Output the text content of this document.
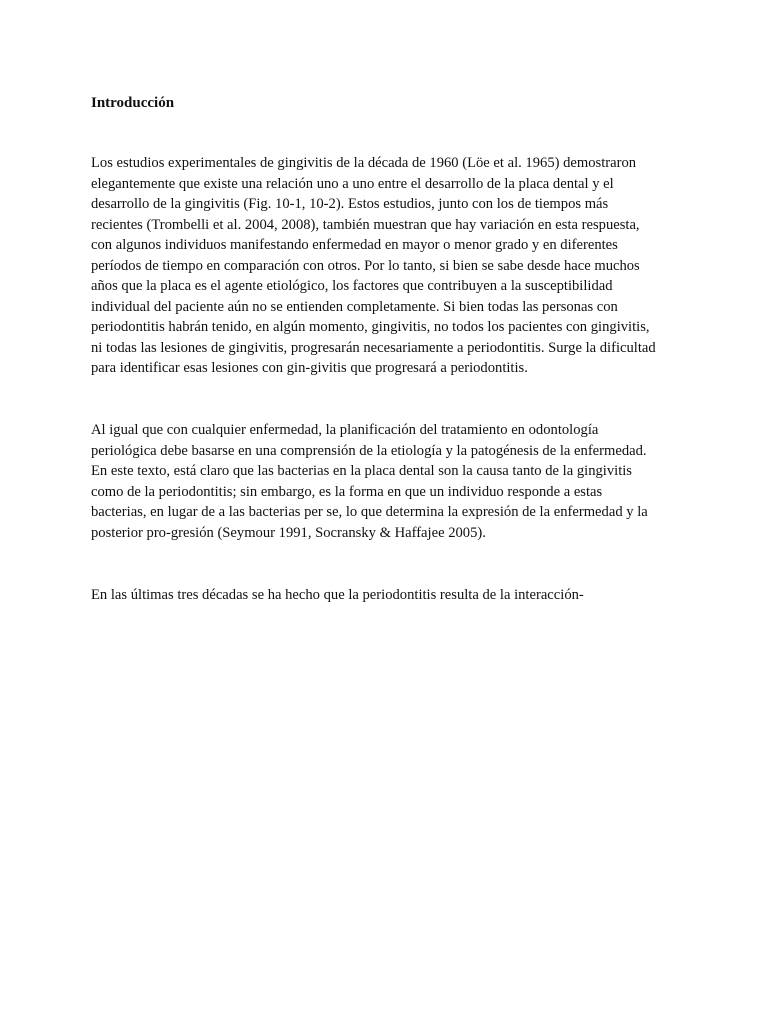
Introducción

Los estudios experimentales de gingivitis de la década de 1960 (Löe et al. 1965) demostraron
elegantemente que existe una relación uno a uno entre el desarrollo de la placa dental y el
desarrollo de la gingivitis (Fig. 10-1, 10-2). Estos estudios, junto con los de tiempos más
recientes (Trombelli et al. 2004, 2008), también muestran que hay variación en esta respuesta,
con algunos individuos manifestando enfermedad en mayor o menor grado y en diferentes
períodos de tiempo en comparación con otros. Por lo tanto, si bien se sabe desde hace muchos
años que la placa es el agente etiológico, los factores que contribuyen a la susceptibilidad
individual del paciente aún no se entienden completamente. Si bien todas las personas con
periodontitis habrán tenido, en algún momento, gingivitis, no todos los pacientes con gingivitis,
ni todas las lesiones de gingivitis, progresarán necesariamente a periodontitis. Surge la dificultad
para identificar esas lesiones con gin-givitis que progresará a periodontitis.

Al igual que con cualquier enfermedad, la planificación del tratamiento en odontología
periológica debe basarse en una comprensión de la etiología y la patogénesis de la enfermedad.
En este texto, está claro que las bacterias en la placa dental son la causa tanto de la gingivitis
como de la periodontitis; sin embargo, es la forma en que un individuo responde a estas
bacterias, en lugar de a las bacterias per se, lo que determina la expresión de la enfermedad y la
posterior pro-gresión (Seymour 1991, Socransky & Haffajee 2005).

En las últimas tres décadas se ha hecho que la periodontitis resulta de la interacción-
